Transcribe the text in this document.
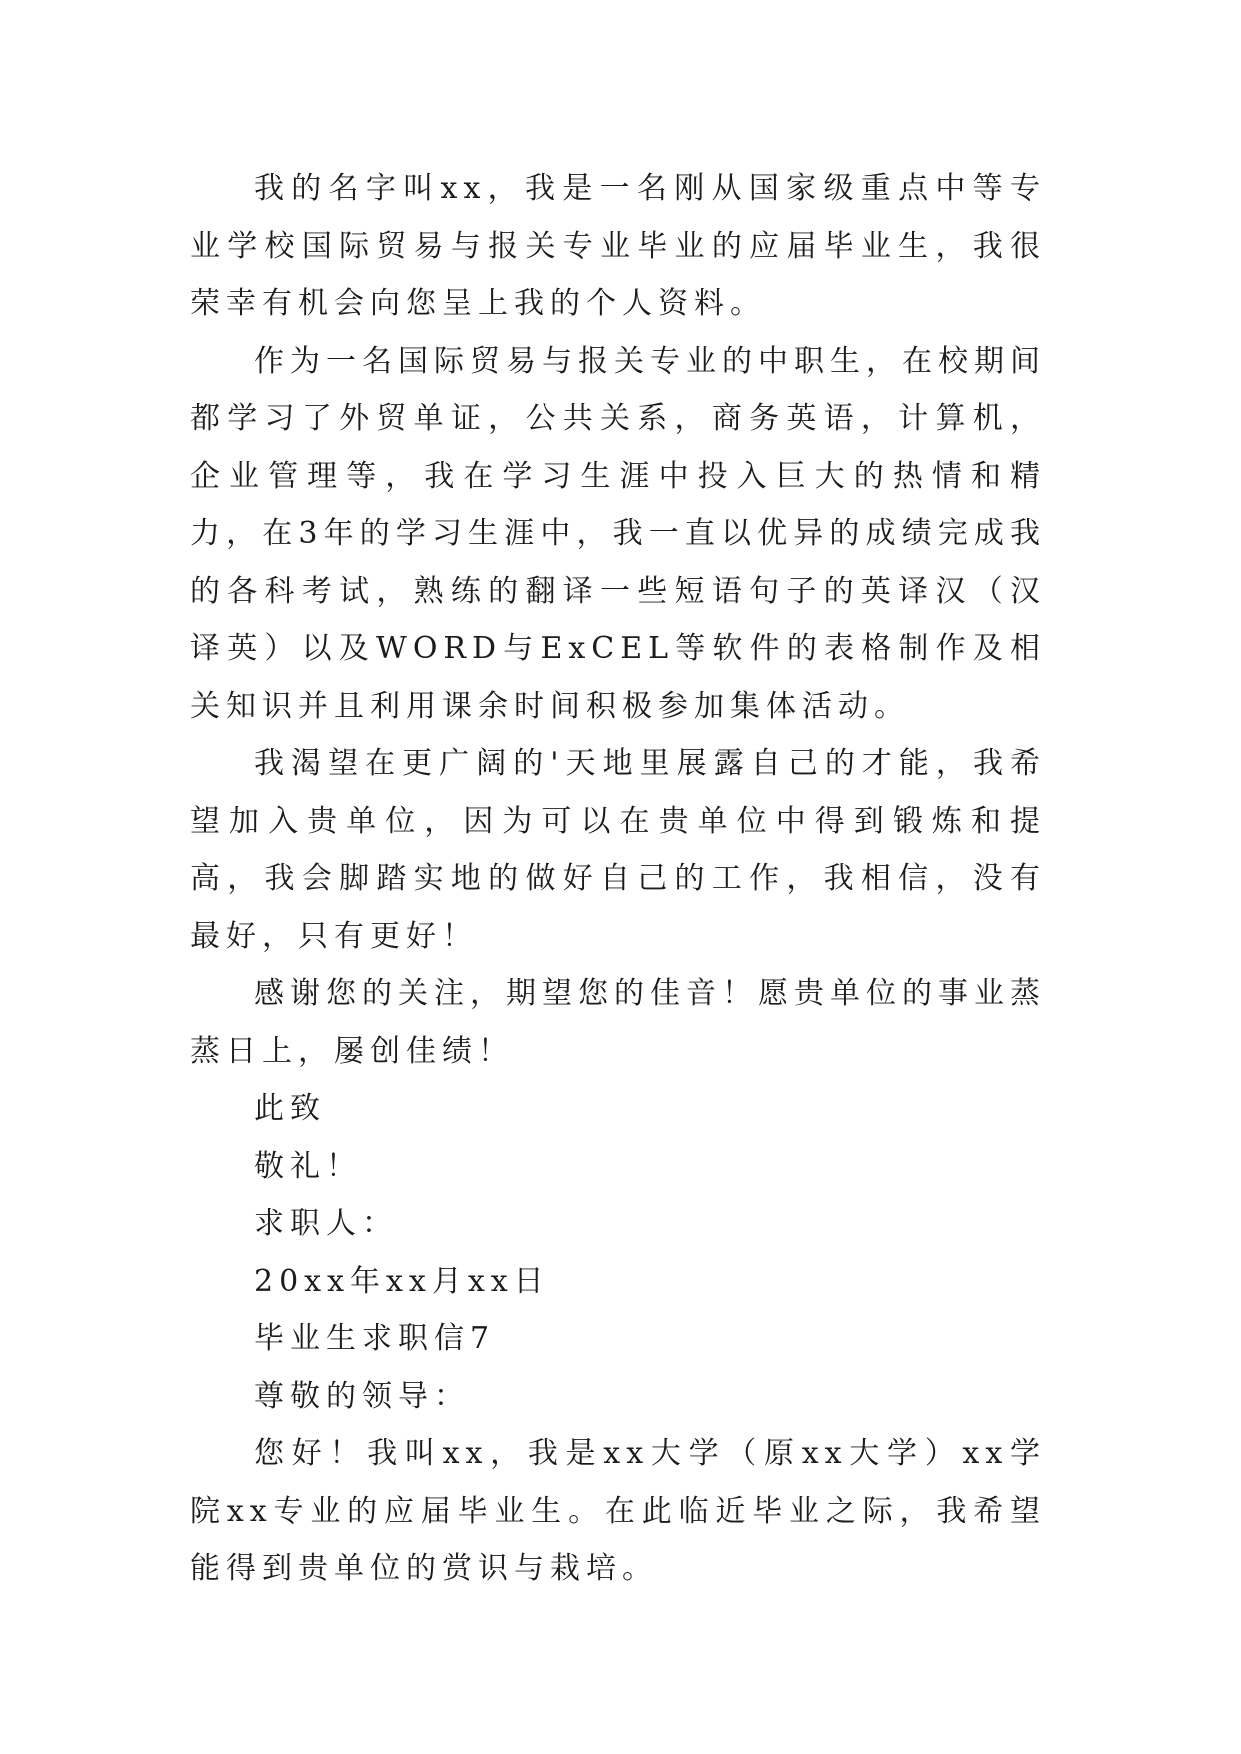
我的名字叫xx，我是一名刚从国家级重点中等专业学校国际贸易与报关专业毕业的应届毕业生，我很荣幸有机会向您呈上我的个人资料。

作为一名国际贸易与报关专业的中职生，在校期间都学习了外贸单证，公共关系，商务英语，计算机，企业管理等，我在学习生涯中投入巨大的热情和精力，在3年的学习生涯中，我一直以优异的成绩完成我的各科考试，熟练的翻译一些短语句子的英译汉（汉译英）以及WORD与ExCEL等软件的表格制作及相关知识并且利用课余时间积极参加集体活动。

我渴望在更广阔的'天地里展露自己的才能，我希望加入贵单位，因为可以在贵单位中得到锻炼和提高，我会脚踏实地的做好自己的工作，我相信，没有最好，只有更好！

感谢您的关注，期望您的佳音！愿贵单位的事业蒸蒸日上，屡创佳绩！

此致

敬礼！

求职人：

20xx年xx月xx日

毕业生求职信7

尊敬的领导：

您好！我叫xx，我是xx大学（原xx大学）xx学院xx专业的应届毕业生。在此临近毕业之际，我希望能得到贵单位的赏识与栽培。
